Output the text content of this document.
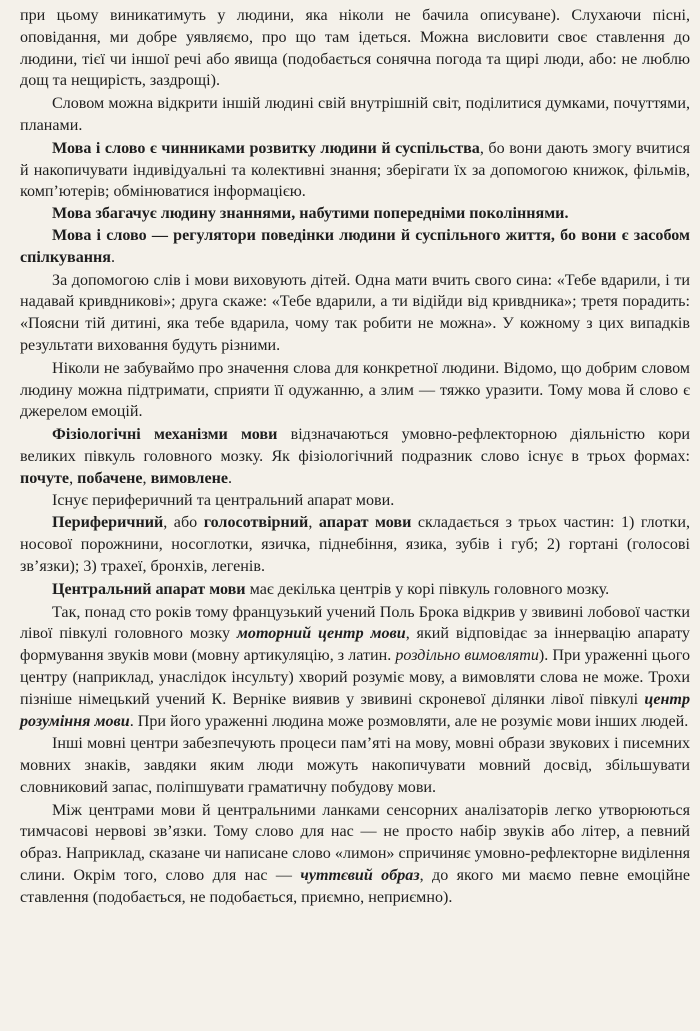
при цьому виникатимуть у людини, яка ніколи не бачила описуване). Слухаючи пісні, оповідання, ми добре уявляємо, про що там ідеться. Можна висловити своє ставлення до людини, тієї чи іншої речі або явища (подобається сонячна погода та щирі люди, або: не люблю дощ та нещирість, заздрощі).

Словом можна відкрити іншій людині свій внутрішній світ, поділитися думками, почуттями, планами.

Мова і слово є чинниками розвитку людини й суспільства, бо вони дають змогу вчитися й накопичувати індивідуальні та колективні знання; зберігати їх за допомогою книжок, фільмів, комп’ютерів; обмінюватися інформацією.

Мова збагачує людину знаннями, набутими попередніми поколіннями.

Мова і слово — регулятори поведінки людини й суспільного життя, бо вони є засобом спілкування.

За допомогою слів і мови виховують дітей. Одна мати вчить свого сина: «Тебе вдарили, і ти надавай кривдникові»; друга скаже: «Тебе вдарили, а ти відійди від кривдника»; третя порадить: «Поясни тій дитині, яка тебе вдарила, чому так робити не можна». У кожному з цих випадків результати виховання будуть різними.

Ніколи не забуваймо про значення слова для конкретної людини. Відомо, що добрим словом людину можна підтримати, сприяти її одужанню, а злим — тяжко уразити. Тому мова й слово є джерелом емоцій.

Фізіологічні механізми мови відзначаються умовно-рефлекторною діяльністю кори великих півкуль головного мозку. Як фізіологічний подразник слово існує в трьох формах: почуте, побачене, вимовлене.

Існує периферичний та центральний апарат мови.

Периферичний, або голосотвірний, апарат мови складається з трьох частин: 1) глотки, носової порожнини, носоглотки, язичка, піднебіння, язика, зубів і губ; 2) гортані (голосові зв’язки); 3) трахеї, бронхів, легенів.

Центральний апарат мови має декілька центрів у корі півкуль головного мозку.

Так, понад сто років тому французький учений Поль Брока відкрив у звивині лобової частки лівої півкулі головного мозку моторний центр мови, який відповідає за іннервацію апарату формування звуків мови (мовну артикуляцію, з латин. роздільно вимовляти). При ураженні цього центру (наприклад, унаслідок інсульту) хворий розуміє мову, а вимовляти слова не може. Трохи пізніше німецький учений К. Верніке виявив у звивині скроневої ділянки лівої півкулі центр розуміння мови. При його ураженні людина може розмовляти, але не розуміє мови інших людей.

Інші мовні центри забезпечують процеси пам’яті на мову, мовні образи звукових і писемних мовних знаків, завдяки яким люди можуть накопичувати мовний досвід, збільшувати словниковий запас, поліпшувати граматичну побудову мови.

Між центрами мови й центральними ланками сенсорних аналізаторів легко утворюються тимчасові нервові зв’язки. Тому слово для нас — не просто набір звуків або літер, а певний образ. Наприклад, сказане чи написане слово «лимон» спричиняє умовно-рефлекторне виділення слини. Окрім того, слово для нас — чуттєвий образ, до якого ми маємо певне емоційне ставлення (подобається, не подобається, приємно, неприємно).
